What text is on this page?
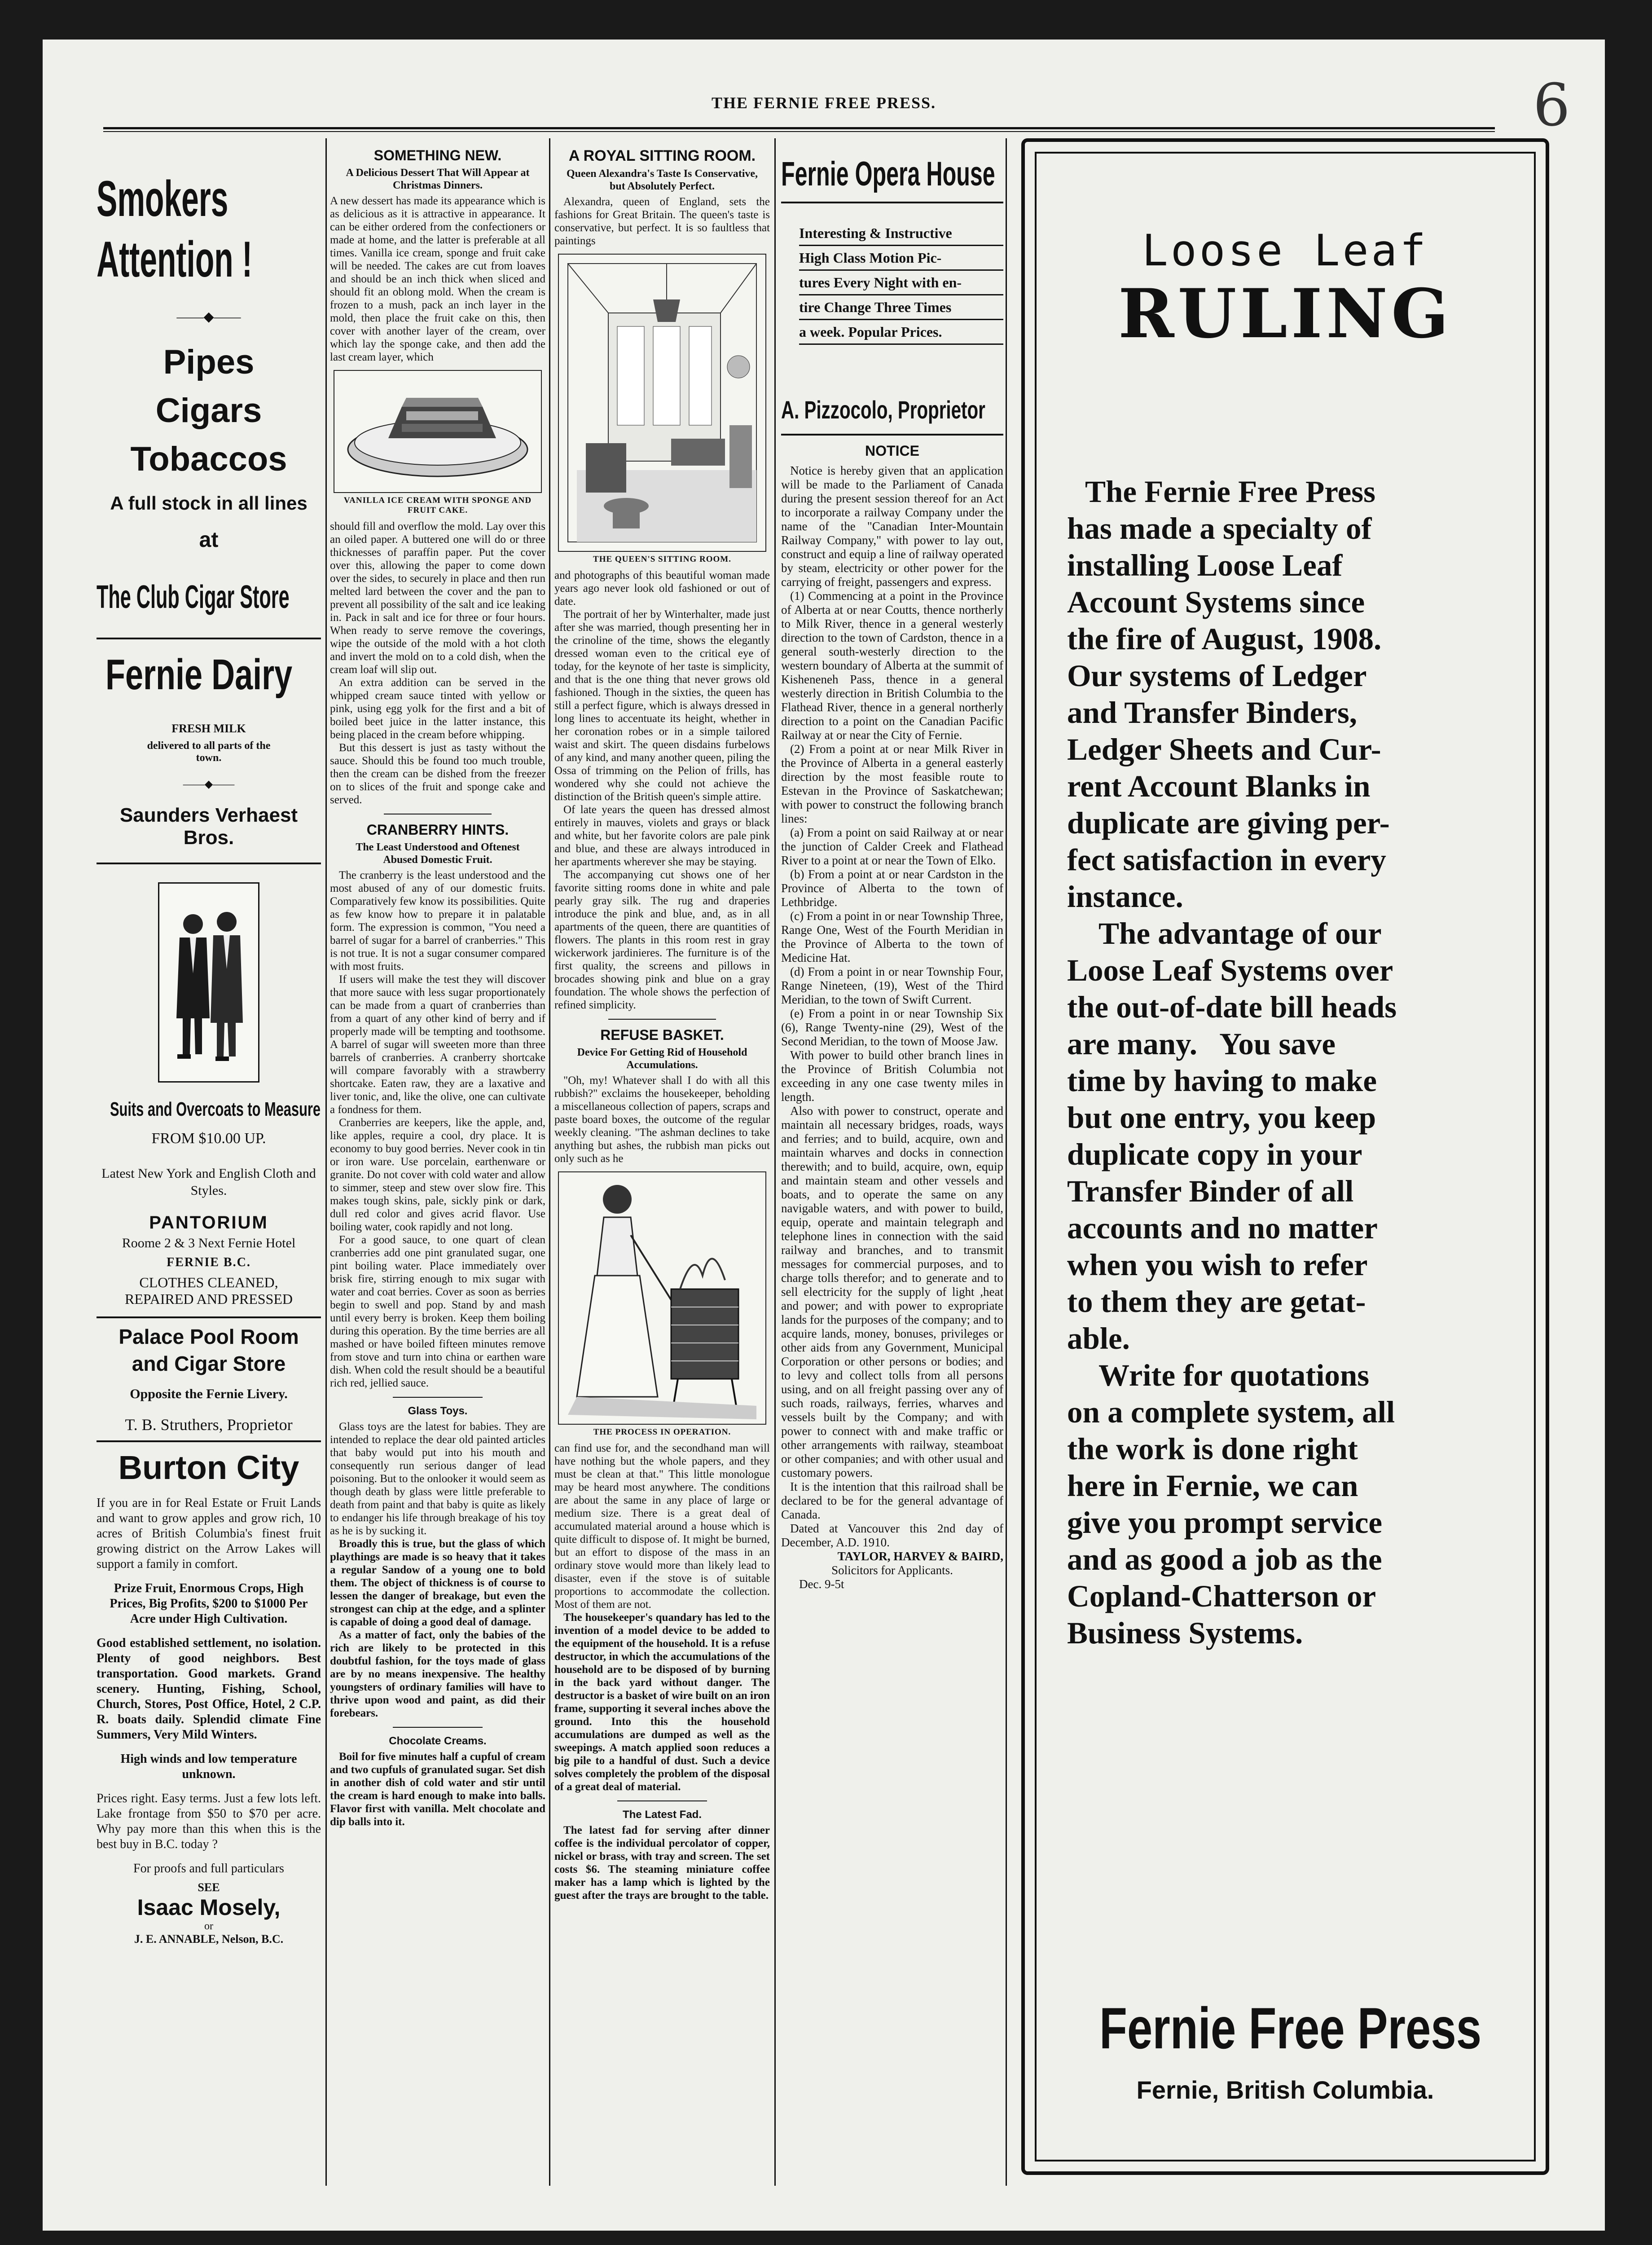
6
THE FERNIE FREE PRESS.
Smokers
Attention !
——◆——
Pipes
Cigars
Tobaccos
A full stock in all lines
at
The Club Cigar Store
Fernie Dairy
FRESH MILK
delivered to all parts of the town.
——◆——
Saunders Verhaest Bros.
Suits and Overcoats to Measure
FROM $10.00 UP.
Latest New York and English Cloth and Styles.
PANTORIUM
Roome 2 & 3 Next Fernie Hotel
FERNIE B.C.
CLOTHES CLEANED,
REPAIRED AND PRESSED
Palace Pool Room
and Cigar Store
Opposite the Fernie Livery.
T. B. Struthers, Proprietor
Burton City

If you are in for Real Estate or Fruit Lands and want to grow apples and grow rich, 10 acres of British Columbia's finest fruit growing district on the Arrow Lakes will support a family in comfort.

Prize Fruit, Enormous Crops, High Prices, Big Profits, $200 to $1000 Per Acre under High Cultivation.

Good established settlement, no isolation. Plenty of good neighbors. Best transportation. Good markets. Grand scenery. Hunting, Fishing, School, Church, Stores, Post Office, Hotel, 2 C.P. R. boats daily. Splendid climate Fine Summers, Very Mild Winters.

High winds and low temperature unknown.

Prices right. Easy terms. Just a few lots left. Lake frontage from $50 to $70 per acre. Why pay more than this when this is the best buy in B.C. today ?

For proofs and full particulars

SEE
Isaac Mosely,
or
J. E. ANNABLE, Nelson, B.C.
SOMETHING NEW.
A Delicious Dessert That Will Appear at Christmas Dinners.

A new dessert has made its appearance which is as delicious as it is attractive in appearance. It can be either ordered from the confectioners or made at home, and the latter is preferable at all times. Vanilla ice cream, sponge and fruit cake will be needed. The cakes are cut from loaves and should be an inch thick when sliced and should fit an oblong mold. When the cream is frozen to a mush, pack an inch layer in the mold, then place the fruit cake on this, then cover with another layer of the cream, over which lay the sponge cake, and then add the last cream layer, which

VANILLA ICE CREAM WITH SPONGE AND FRUIT CAKE.

should fill and overflow the mold. Lay over this an oiled paper. A buttered one will do or three thicknesses of paraffin paper. Put the cover over this, allowing the paper to come down over the sides, to securely in place and then run melted lard between the cover and the pan to prevent all possibility of the salt and ice leaking in. Pack in salt and ice for three or four hours. When ready to serve remove the coverings, wipe the outside of the mold with a hot cloth and invert the mold on to a cold dish, when the cream loaf will slip out.

An extra addition can be served in the whipped cream sauce tinted with yellow or pink, using egg yolk for the first and a bit of boiled beet juice in the latter instance, this being placed in the cream before whipping.

But this dessert is just as tasty without the sauce. Should this be found too much trouble, then the cream can be dished from the freezer on to slices of the fruit and sponge cake and served.

CRANBERRY HINTS.
The Least Understood and Oftenest Abused Domestic Fruit.

The cranberry is the least understood and the most abused of any of our domestic fruits. Comparatively few know its possibilities. Quite as few know how to prepare it in palatable form. The expression is common, "You need a barrel of sugar for a barrel of cranberries." This is not true. It is not a sugar consumer compared with most fruits.

If users will make the test they will discover that more sauce with less sugar proportionately can be made from a quart of cranberries than from a quart of any other kind of berry and if properly made will be tempting and toothsome. A barrel of sugar will sweeten more than three barrels of cranberries. A cranberry shortcake will compare favorably with a strawberry shortcake. Eaten raw, they are a laxative and liver tonic, and, like the olive, one can cultivate a fondness for them.

Cranberries are keepers, like the apple, and, like apples, require a cool, dry place. It is economy to buy good berries. Never cook in tin or iron ware. Use porcelain, earthenware or granite. Do not cover with cold water and allow to simmer, steep and stew over slow fire. This makes tough skins, pale, sickly pink or dark, dull red color and gives acrid flavor. Use boiling water, cook rapidly and not long.

For a good sauce, to one quart of clean cranberries add one pint granulated sugar, one pint boiling water. Place immediately over brisk fire, stirring enough to mix sugar with water and coat berries. Cover as soon as berries begin to swell and pop. Stand by and mash until every berry is broken. Keep them boiling during this operation. By the time berries are all mashed or have boiled fifteen minutes remove from stove and turn into china or earthen ware dish. When cold the result should be a beautiful rich red, jellied sauce.

Glass Toys.

Glass toys are the latest for babies. They are intended to replace the dear old painted articles that baby would put into his mouth and consequently run serious danger of lead poisoning. But to the onlooker it would seem as though death by glass were little preferable to death from paint and that baby is quite as likely to endanger his life through breakage of his toy as he is by sucking it.

Broadly this is true, but the glass of which playthings are made is so heavy that it takes a regular Sandow of a young one to bold them. The object of thickness is of course to lessen the danger of breakage, but even the strongest can chip at the edge, and a splinter is capable of doing a good deal of damage.

As a matter of fact, only the babies of the rich are likely to be protected in this doubtful fashion, for the toys made of glass are by no means inexpensive. The healthy youngsters of ordinary families will have to thrive upon wood and paint, as did their forebears.

Chocolate Creams.

Boil for five minutes half a cupful of cream and two cupfuls of granulated sugar. Set dish in another dish of cold water and stir until the cream is hard enough to make into balls. Flavor first with vanilla. Melt chocolate and dip balls into it.

A ROYAL SITTING ROOM.
Queen Alexandra's Taste Is Conservative, but Absolutely Perfect.

Alexandra, queen of England, sets the fashions for Great Britain. The queen's taste is conservative, but perfect. It is so faultless that paintings

THE QUEEN'S SITTING ROOM.

and photographs of this beautiful woman made years ago never look old fashioned or out of date.

The portrait of her by Winterhalter, made just after she was married, though presenting her in the crinoline of the time, shows the elegantly dressed woman even to the critical eye of today, for the keynote of her taste is simplicity, and that is the one thing that never grows old fashioned. Though in the sixties, the queen has still a perfect figure, which is always dressed in long lines to accentuate its height, whether in her coronation robes or in a simple tailored waist and skirt. The queen disdains furbelows of any kind, and many another queen, piling the Ossa of trimming on the Pelion of frills, has wondered why she could not achieve the distinction of the British queen's simple attire.

Of late years the queen has dressed almost entirely in mauves, violets and grays or black and white, but her favorite colors are pale pink and blue, and these are always introduced in her apartments wherever she may be staying.

The accompanying cut shows one of her favorite sitting rooms done in white and pale pearly gray silk. The rug and draperies introduce the pink and blue, and, as in all apartments of the queen, there are quantities of flowers. The plants in this room rest in gray wickerwork jardinieres. The furniture is of the first quality, the screens and pillows in brocades showing pink and blue on a gray foundation. The whole shows the perfection of refined simplicity.

REFUSE BASKET.
Device For Getting Rid of Household Accumulations.

"Oh, my! Whatever shall I do with all this rubbish?" exclaims the housekeeper, beholding a miscellaneous collection of papers, scraps and paste board boxes, the outcome of the regular weekly cleaning. "The ashman declines to take anything but ashes, the rubbish man picks out only such as he

THE PROCESS IN OPERATION.

can find use for, and the secondhand man will have nothing but the whole papers, and they must be clean at that." This little monologue may be heard most anywhere. The conditions are about the same in any place of large or medium size. There is a great deal of accumulated material around a house which is quite difficult to dispose of. It might be burned, but an effort to dispose of the mass in an ordinary stove would more than likely lead to disaster, even if the stove is of suitable proportions to accommodate the collection. Most of them are not.

The housekeeper's quandary has led to the invention of a model device to be added to the equipment of the household. It is a refuse destructor, in which the accumulations of the household are to be disposed of by burning in the back yard without danger. The destructor is a basket of wire built on an iron frame, supporting it several inches above the ground. Into this the household accumulations are dumped as well as the sweepings. A match applied soon reduces a big pile to a handful of dust. Such a device solves completely the problem of the disposal of a great deal of material.

The Latest Fad.

The latest fad for serving after dinner coffee is the individual percolator of copper, nickel or brass, with tray and screen. The set costs $6. The steaming miniature coffee maker has a lamp which is lighted by the guest after the trays are brought to the table.

Fernie Opera House
Interesting & Instructive
High Class Motion Pic-
tures Every Night with en-
tire Change Three Times
a week. Popular Prices.
A. Pizzocolo, Proprietor
NOTICE

Notice is hereby given that an application will be made to the Parliament of Canada during the present session thereof for an Act to incorporate a railway Company under the name of the "Canadian Inter-Mountain Railway Company," with power to lay out, construct and equip a line of railway operated by steam, electricity or other power for the carrying of freight, passengers and express.

(1) Commencing at a point in the Province of Alberta at or near Coutts, thence northerly to Milk River, thence in a general westerly direction to the town of Cardston, thence in a general south-westerly direction to the western boundary of Alberta at the summit of Kisheneneh Pass, thence in a general westerly direction in British Columbia to the Flathead River, thence in a general northerly direction to a point on the Canadian Pacific Railway at or near the City of Fernie.

(2) From a point at or near Milk River in the Province of Alberta in a general easterly direction by the most feasible route to Estevan in the Province of Saskatchewan; with power to construct the following branch lines:

(a) From a point on said Railway at or near the junction of Calder Creek and Flathead River to a point at or near the Town of Elko.

(b) From a point at or near Cardston in the Province of Alberta to the town of Lethbridge.

(c) From a point in or near Township Three, Range One, West of the Fourth Meridian in the Province of Alberta to the town of Medicine Hat.

(d) From a point in or near Township Four, Range Nineteen, (19), West of the Third Meridian, to the town of Swift Current.

(e) From a point in or near Township Six (6), Range Twenty-nine (29), West of the Second Meridian, to the town of Moose Jaw.

With power to build other branch lines in the Province of British Columbia not exceeding in any one case twenty miles in length.

Also with power to construct, operate and maintain all necessary bridges, roads, ways and ferries; and to build, acquire, own and maintain wharves and docks in connection therewith; and to build, acquire, own, equip and maintain steam and other vessels and boats, and to operate the same on any navigable waters, and with power to build, equip, operate and maintain telegraph and telephone lines in connection with the said railway and branches, and to transmit messages for commercial purposes, and to charge tolls therefor; and to generate and to sell electricity for the supply of light ,heat and power; and with power to expropriate lands for the purposes of the company; and to acquire lands, money, bonuses, privileges or other aids from any Government, Municipal Corporation or other persons or bodies; and to levy and collect tolls from all persons using, and on all freight passing over any of such roads, railways, ferries, wharves and vessels built by the Company; and with power to connect with and make traffic or other arrangements with railway, steamboat or other companies; and with other usual and customary powers.

It is the intention that this railroad shall be declared to be for the general advantage of Canada.

Dated at Vancouver this 2nd day of December, A.D. 1910.

TAYLOR, HARVEY & BAIRD,
Solicitors for Applicants.
Dec. 9-5t
Loose Leaf
RULING
The Fernie Free Press
has made a specialty of
installing Loose Leaf
Account Systems since
the fire of August, 1908.
Our systems of Ledger
and Transfer Binders,
Ledger Sheets and Cur-
rent Account Blanks in
duplicate are giving per-
fect satisfaction in every
instance.
The advantage of our
Loose Leaf Systems over
the out-of-date bill heads
are many.   You save
time by having to make
but one entry, you keep
duplicate copy in your
Transfer Binder of all
accounts and no matter
when you wish to refer
to them they are getat-
able.
Write for quotations
on a complete system, all
the work is done right
here in Fernie, we can
give you prompt service
and as good a job as the
Copland-Chatterson or
Business Systems.
Fernie Free Press
Fernie, British Columbia.
